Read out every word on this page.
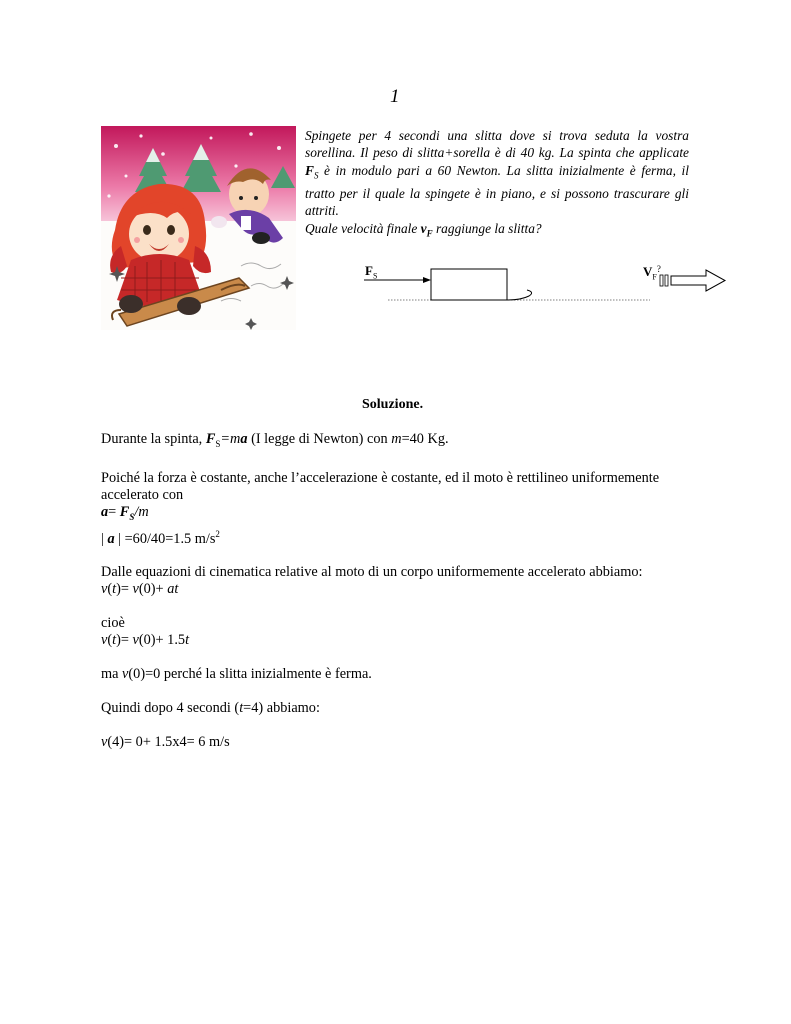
1

Spingete per 4 secondi una slitta dove si trova seduta la vostra sorellina. Il peso di slitta+sorella è di 40 kg. La spinta che applicate $F_S$ è in modulo pari a 60 Newton. La slitta inizialmente è ferma, il tratto per il quale la spingete è in piano, e si possono trascurare gli attriti.

Quale velocità finale $v_F$ raggiunge la slitta?

$F_S$	$V_F^?$
Soluzione.
Durante la spinta, $F_S=ma$ (I legge di Newton) con m=40 Kg.
Poiché la forza è costante, anche l’accelerazione è costante, ed il moto è rettilineo uniformemente accelerato con
$a= F_S/m$
| a | =60/40=1.5 $m/s^2$
Dalle equazioni di cinematica relative al moto di un corpo uniformemente accelerato abbiamo:
v(t)= v(0)+ at
cioè
v(t)= v(0)+ 1.5t
ma v(0)=0 perché la slitta inizialmente è ferma.
Quindi dopo 4 secondi (t=4) abbiamo:
v(4)= 0+ 1.5x4= 6 m/s
